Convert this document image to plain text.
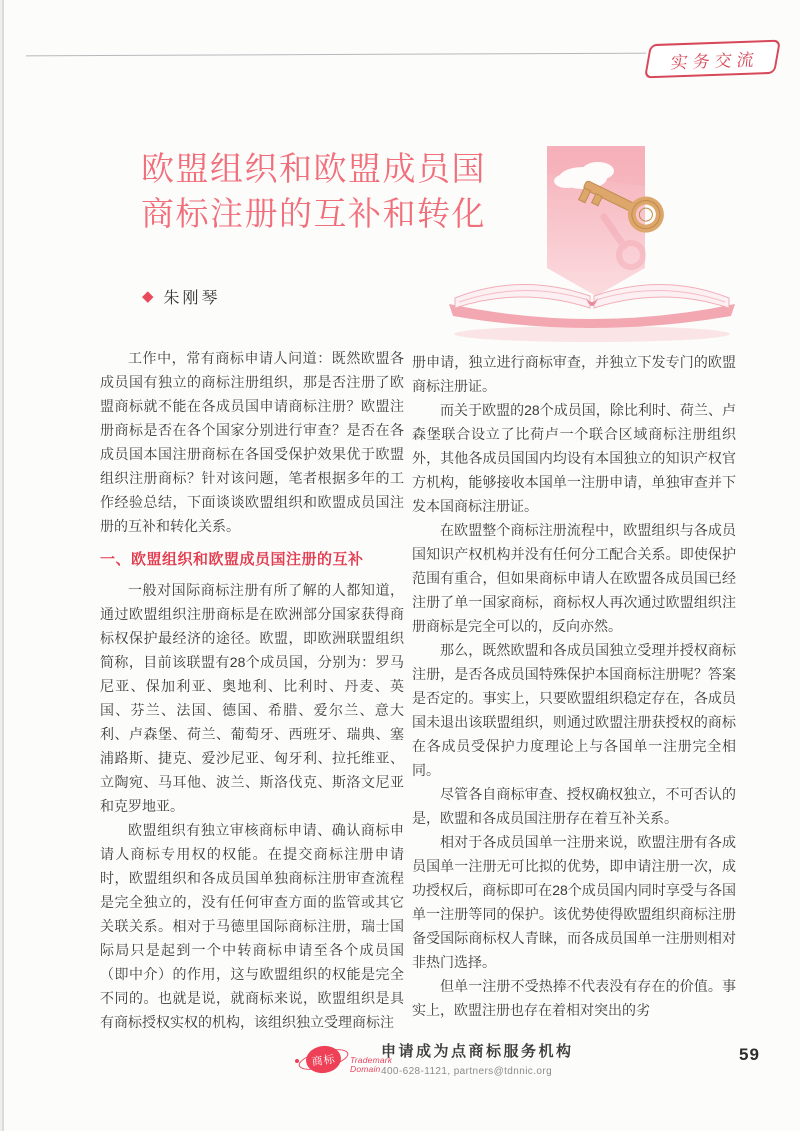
实务交流
欧盟组织和欧盟成员国
商标注册的互补和转化
◆ 朱刚琴

工作中，常有商标申请人问道：既然欧盟各成员国有独立的商标注册组织，那是否注册了欧盟商标就不能在各成员国申请商标注册？欧盟注册商标是否在各个国家分别进行审查？是否在各成员国本国注册商标在各国受保护效果优于欧盟组织注册商标？针对该问题，笔者根据多年的工作经验总结，下面谈谈欧盟组织和欧盟成员国注册的互补和转化关系。

一、欧盟组织和欧盟成员国注册的互补

一般对国际商标注册有所了解的人都知道，通过欧盟组织注册商标是在欧洲部分国家获得商标权保护最经济的途径。欧盟，即欧洲联盟组织简称，目前该联盟有28个成员国，分别为：罗马尼亚、保加利亚、奥地利、比利时、丹麦、英国、芬兰、法国、德国、希腊、爱尔兰、意大利、卢森堡、荷兰、葡萄牙、西班牙、瑞典、塞浦路斯、捷克、爱沙尼亚、匈牙利、拉托维亚、立陶宛、马耳他、波兰、斯洛伐克、斯洛文尼亚和克罗地亚。

欧盟组织有独立审核商标申请、确认商标申请人商标专用权的权能。在提交商标注册申请时，欧盟组织和各成员国单独商标注册审查流程是完全独立的，没有任何审查方面的监管或其它关联关系。相对于马德里国际商标注册，瑞士国际局只是起到一个中转商标申请至各个成员国（即中介）的作用，这与欧盟组织的权能是完全不同的。也就是说，就商标来说，欧盟组织是具有商标授权实权的机构，该组织独立受理商标注

册申请，独立进行商标审查，并独立下发专门的欧盟商标注册证。

而关于欧盟的28个成员国，除比利时、荷兰、卢森堡联合设立了比荷卢一个联合区域商标注册组织外，其他各成员国国内均设有本国独立的知识产权官方机构，能够接收本国单一注册申请，单独审查并下发本国商标注册证。

在欧盟整个商标注册流程中，欧盟组织与各成员国知识产权机构并没有任何分工配合关系。即使保护范围有重合，但如果商标申请人在欧盟各成员国已经注册了单一国家商标，商标权人再次通过欧盟组织注册商标是完全可以的，反向亦然。

那么，既然欧盟和各成员国独立受理并授权商标注册，是否各成员国特殊保护本国商标注册呢？答案是否定的。事实上，只要欧盟组织稳定存在，各成员国未退出该联盟组织，则通过欧盟注册获授权的商标在各成员受保护力度理论上与各国单一注册完全相同。

尽管各自商标审查、授权确权独立，不可否认的是，欧盟和各成员国注册存在着互补关系。

相对于各成员国单一注册来说，欧盟注册有各成员国单一注册无可比拟的优势，即申请注册一次，成功授权后，商标即可在28个成员国内同时享受与各国单一注册等同的保护。该优势使得欧盟组织商标注册备受国际商标权人青睐，而各成员国单一注册则相对非热门选择。

但单一注册不受热捧不代表没有存在的价值。事实上，欧盟注册也存在着相对突出的劣

商标	Trademark
Domain
申请成为点商标服务机构
400-628-1121, partners@tdnnic.org
59
